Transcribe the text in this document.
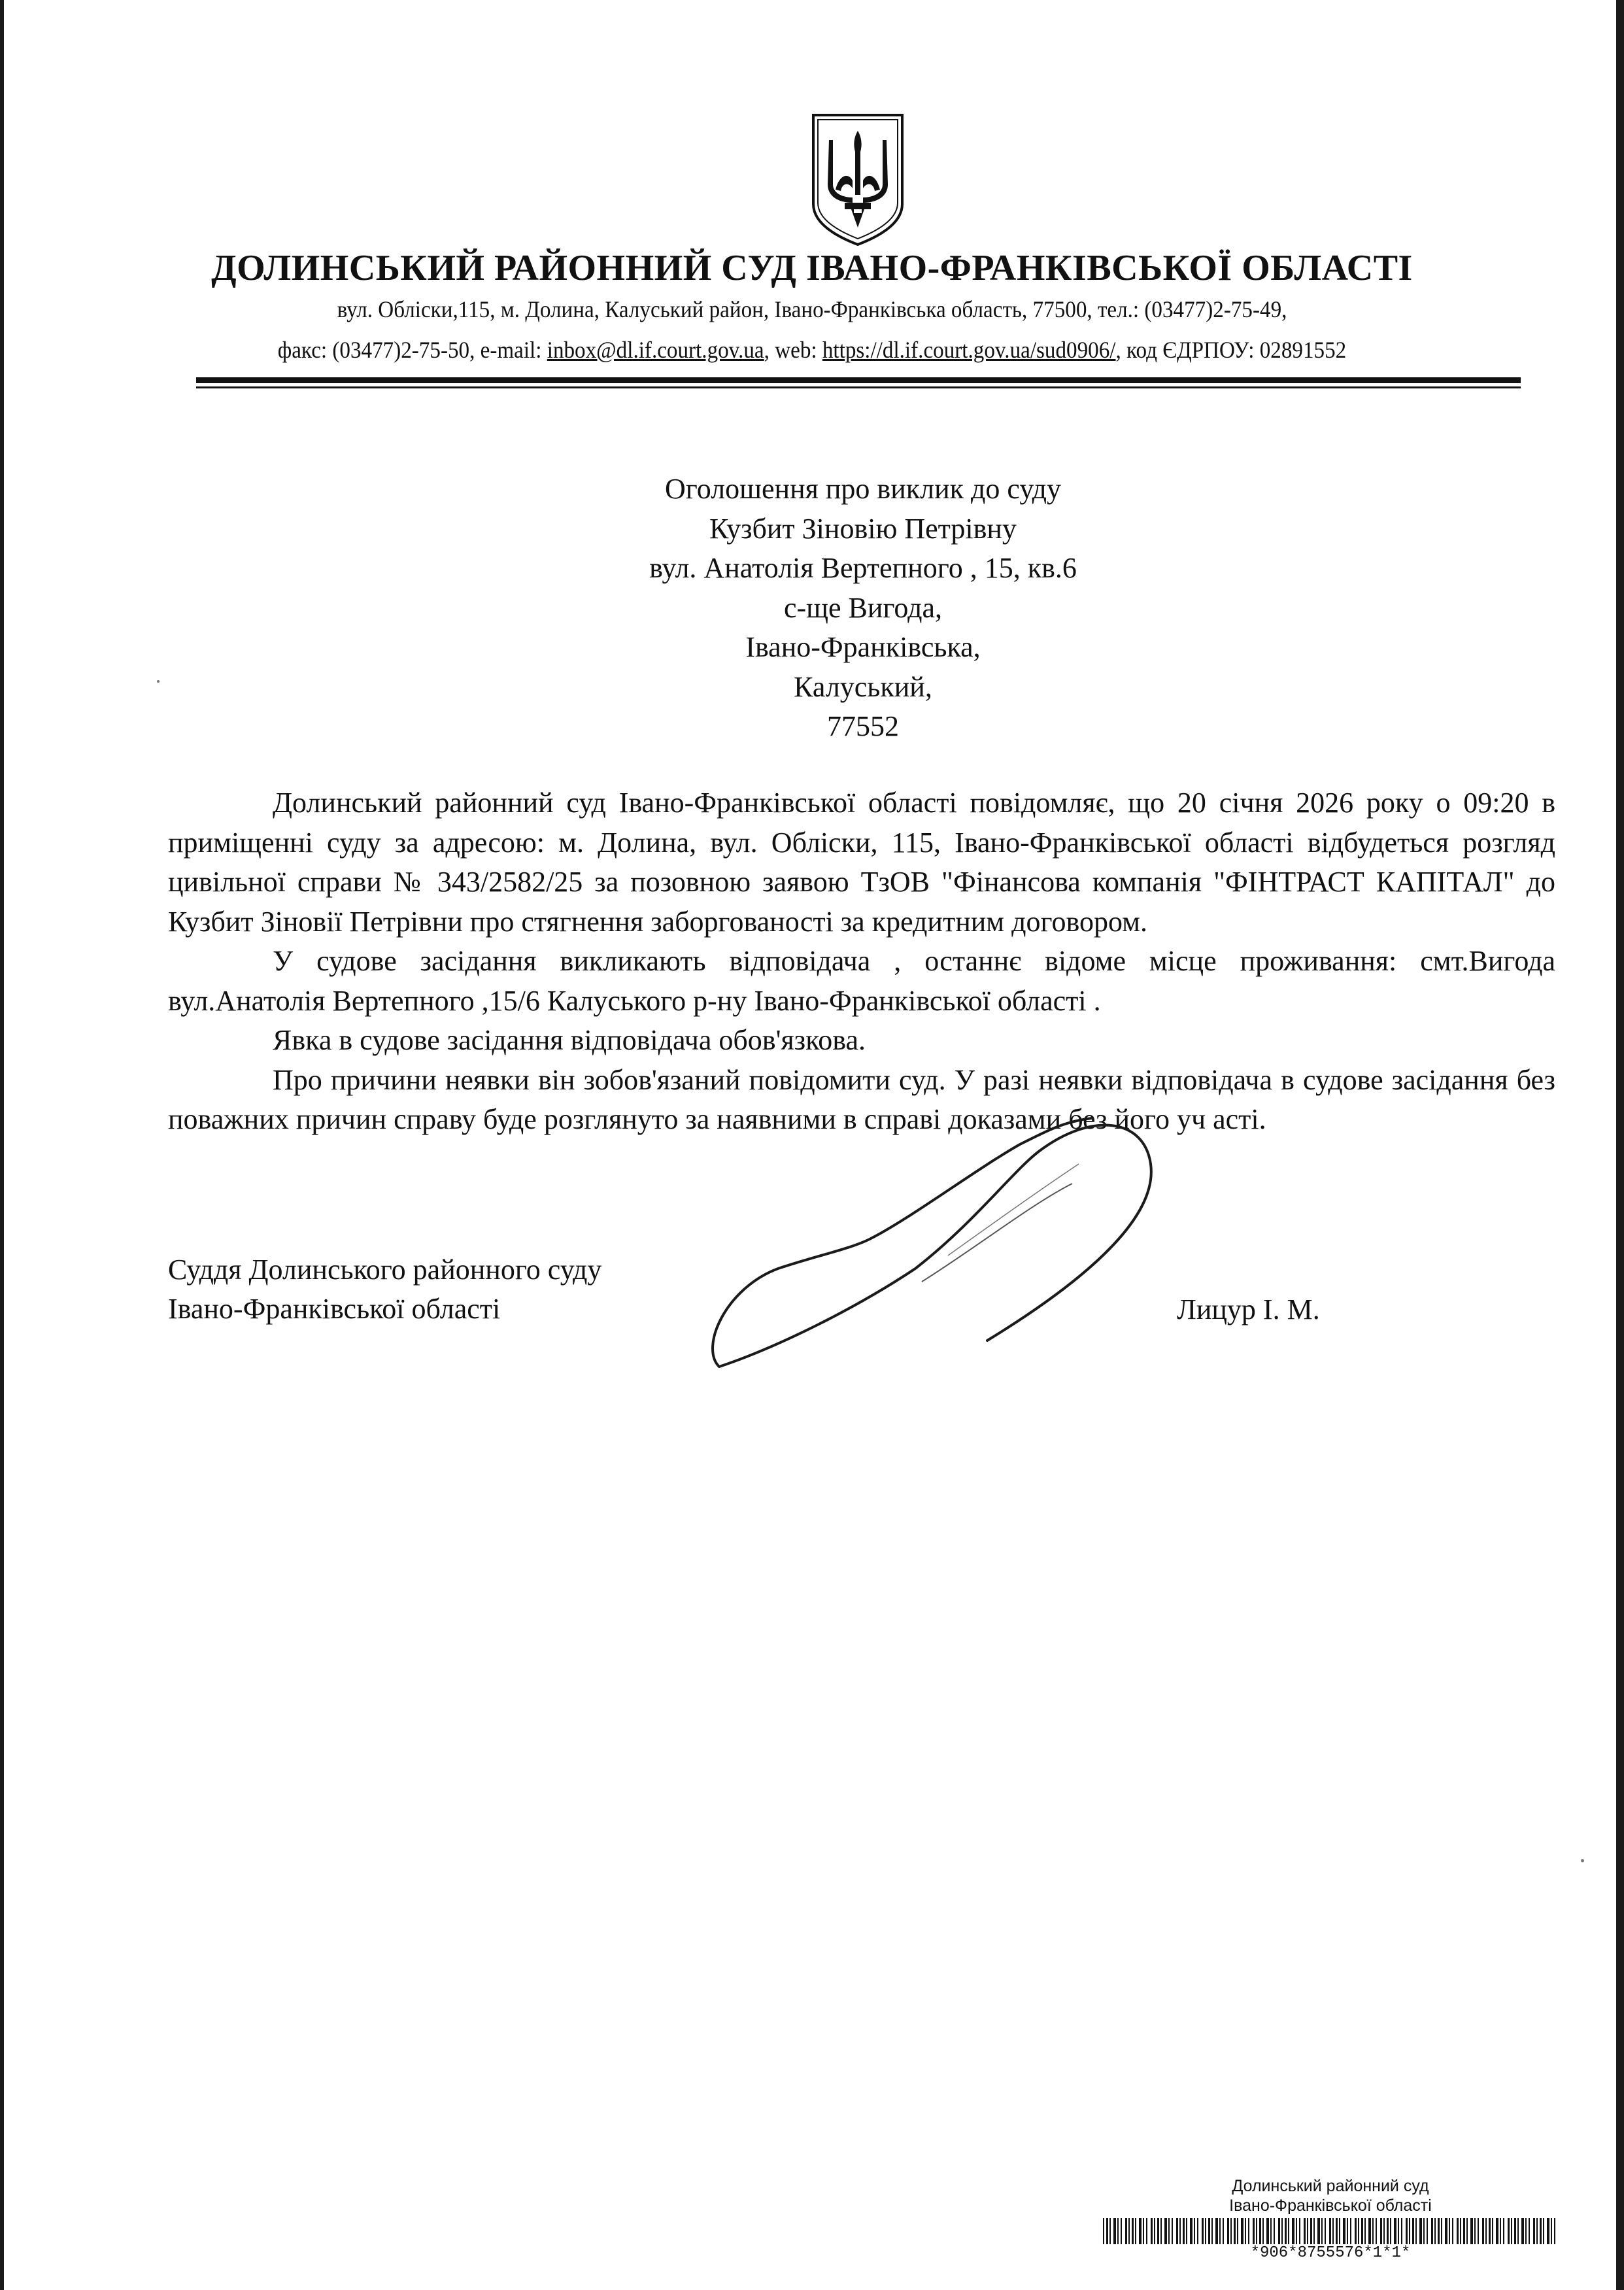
ДОЛИНСЬКИЙ РАЙОННИЙ СУД ІВАНО-ФРАНКІВСЬКОЇ ОБЛАСТІ
вул. Обліски,115, м. Долина, Калуський район, Івано-Франківська область, 77500, тел.: (03477)2-75-49,
факс: (03477)2-75-50, e-mail: inbox@dl.if.court.gov.ua, web: https://dl.if.court.gov.ua/sud0906/, код ЄДРПОУ: 02891552
Оголошення про виклик до суду
Кузбит Зіновію Петрівну
вул. Анатолія Вертепного , 15, кв.6
с-ще Вигода,
Івано-Франківська,
Калуський,
77552

Долинський районний суд Івано-Франківської області повідомляє, що 20 січня 2026 року о 09:20 в приміщенні суду за адресою: м. Долина, вул. Обліски, 115, Івано-Франківської області відбудеться розгляд цивільної справи № 343/2582/25 за позовною заявою ТзОВ "Фінансова компанія "ФІНТРАСТ КАПІТАЛ" до Кузбит Зіновії Петрівни про стягнення заборгованості за кредитним договором.

У судове засідання викликають відповідача , останнє відоме місце проживання: смт.Вигода вул.Анатолія Вертепного ,15/6 Калуського р-ну Івано-Франківської області .

Явка в судове засідання відповідача обов'язкова.

Про причини неявки він зобов'язаний повідомити суд. У разі неявки відповідача в судове засідання без поважних причин справу буде розглянуто за наявними в справі доказами без його уч асті.

Суддя Долинського районного суду
Івано-Франківської області	Лицур І. М.
Долинський районний суд
Івано-Франківської області
*906*8755576*1*1*
